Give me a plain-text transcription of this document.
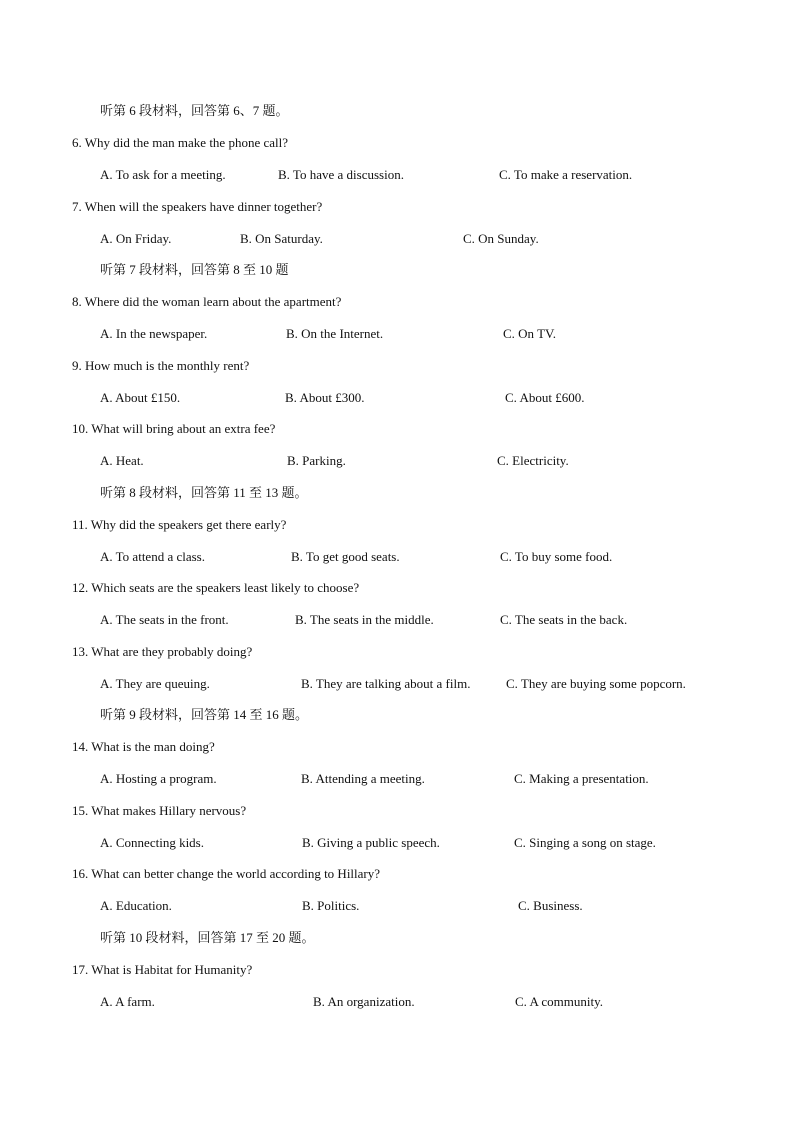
听第 6 段材料，回答第 6、7 题。
6. Why did the man make the phone call?
A. To ask for a meeting.	B. To have a discussion.	C. To make a reservation.
7. When will the speakers have dinner together?
A. On Friday.	B. On Saturday.	C. On Sunday.
听第 7 段材料，回答第 8 至 10 题
8. Where did the woman learn about the apartment?
A. In the newspaper.	B. On the Internet.	C. On TV.
9. How much is the monthly rent?
A. About £150.	B. About £300.	C. About £600.
10. What will bring about an extra fee?
A. Heat.	B. Parking.	C. Electricity.
听第 8 段材料，回答第 11 至 13 题。
11. Why did the speakers get there early?
A. To attend a class.	B. To get good seats.	C. To buy some food.
12. Which seats are the speakers least likely to choose?
A. The seats in the front.	B. The seats in the middle.	C. The seats in the back.
13. What are they probably doing?
A. They are queuing.	B. They are talking about a film.	C. They are buying some popcorn.
听第 9 段材料，回答第 14 至 16 题。
14. What is the man doing?
A. Hosting a program.	B. Attending a meeting.	C. Making a presentation.
15. What makes Hillary nervous?
A. Connecting kids.	B. Giving a public speech.	C. Singing a song on stage.
16. What can better change the world according to Hillary?
A. Education.	B. Politics.	C. Business.
听第 10 段材料，回答第 17 至 20 题。
17. What is Habitat for Humanity?
A. A farm.	B. An organization.	C. A community.
